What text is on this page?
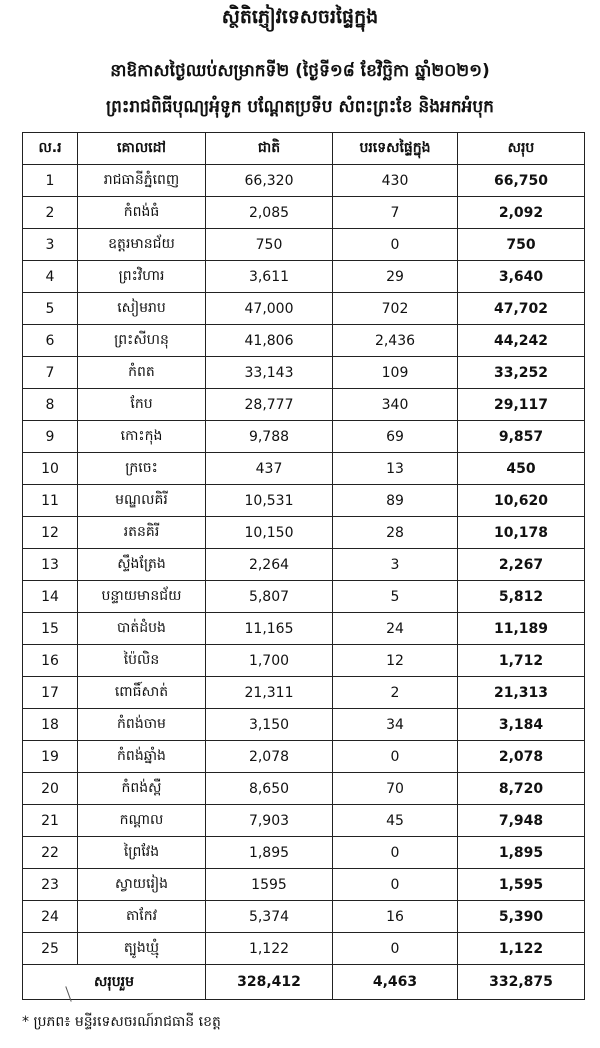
ស្ថិតិភ្ញៀវទេសចរផ្ទៃក្នុង
នាឱកាសថ្ងៃឈប់សម្រាកទី២ (ថ្ងៃទី១៨ ខែវិច្ឆិកា ឆ្នាំ២០២១)
ព្រះរាជពិធីបុណ្យអុំទូក បណ្តែតប្រទីប សំពះព្រះខែ និងអកអំបុក
ល.រ	គោលដៅ	ជាតិ	បរទេសផ្ទៃក្នុង	សរុប
1	រាជធានីភ្នំពេញ	66,320	430	66,750
2	កំពង់ធំ	2,085	7	2,092
3	ឧត្តរមានជ័យ	750	0	750
4	ព្រះវិហារ	3,611	29	3,640
5	សៀមរាប	47,000	702	47,702
6	ព្រះសីហនុ	41,806	2,436	44,242
7	កំពត	33,143	109	33,252
8	កែប	28,777	340	29,117
9	កោះកុង	9,788	69	9,857
10	ក្រចេះ	437	13	450
11	មណ្ឌលគិរី	10,531	89	10,620
12	រតនគិរី	10,150	28	10,178
13	ស្ទឹងត្រែង	2,264	3	2,267
14	បន្ទាយមានជ័យ	5,807	5	5,812
15	បាត់ដំបង	11,165	24	11,189
16	ប៉ៃលិន	1,700	12	1,712
17	ពោធិ៍សាត់	21,311	2	21,313
18	កំពង់ចាម	3,150	34	3,184
19	កំពង់ឆ្នាំង	2,078	0	2,078
20	កំពង់ស្ពឺ	8,650	70	8,720
21	កណ្តាល	7,903	45	7,948
22	ព្រៃវែង	1,895	0	1,895
23	ស្វាយរៀង	1595	0	1,595
24	តាកែវ	5,374	16	5,390
25	ត្បូងឃ្មុំ	1,122	0	1,122
សរុបរួម		328,412	4,463	332,875
* ប្រភព៖ មន្ទីរទេសចរណ៍រាជធានី ខេត្ត
